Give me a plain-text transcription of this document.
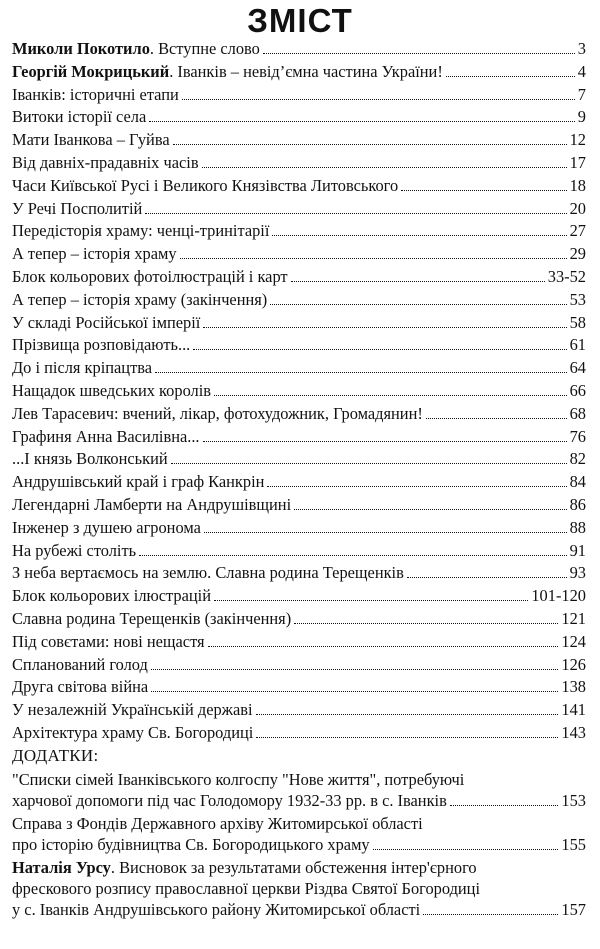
ЗМІСТ
Миколи Покотило. Вступне слово	3
Георгій Мокрицький. Іванків – невід’ємна частина України!	4
Іванків: історичні етапи	7
Витоки історії села	9
Мати Іванкова – Гуйва	12
Від давніх-прадавніх часів	17
Часи Київської Русі і Великого Князівства Литовського	18
У Речі Посполитій	20
Передісторія храму: ченці-тринітарії	27
А тепер – історія храму	29
Блок кольорових фотоілюстрацій і карт	33-52
А тепер – історія храму (закінчення)	53
У складі Російської імперії	58
Прізвища розповідають...	61
До і після кріпацтва	64
Нащадок шведських королів	66
Лев Тарасевич: вчений, лікар, фотохудожник, Громадянин!	68
Графиня Анна Василівна...	76
...І князь Волконський	82
Андрушівський край і граф Канкрін	84
Легендарні Ламберти на Андрушівщині	86
Інженер з душею агронома	88
На рубежі століть	91
З неба вертаємось на землю. Славна родина Терещенків	93
Блок кольорових ілюстрацій	101-120
Славна родина Терещенків (закінчення)	121
Під совєтами: нові нещастя	124
Спланований голод	126
Друга світова війна	138
У незалежній Українській державі	141
Архітектура храму Св. Богородиці	143
ДОДАТКИ:
"Списки сімей Іванківського колгоспу "Нове життя", потребуючі
харчової допомоги під час Голодомору 1932-33 рр. в с. Іванків	153
Справа з Фондів Державного архіву Житомирської області
про історію будівництва Св. Богородицького храму	155
Наталія Урсу. Висновок за результатами обстеження інтер'єрного
фрескового розпису православної церкви Різдва Святої Богородиці
у с. Іванків Андрушівського району Житомирської області	157
